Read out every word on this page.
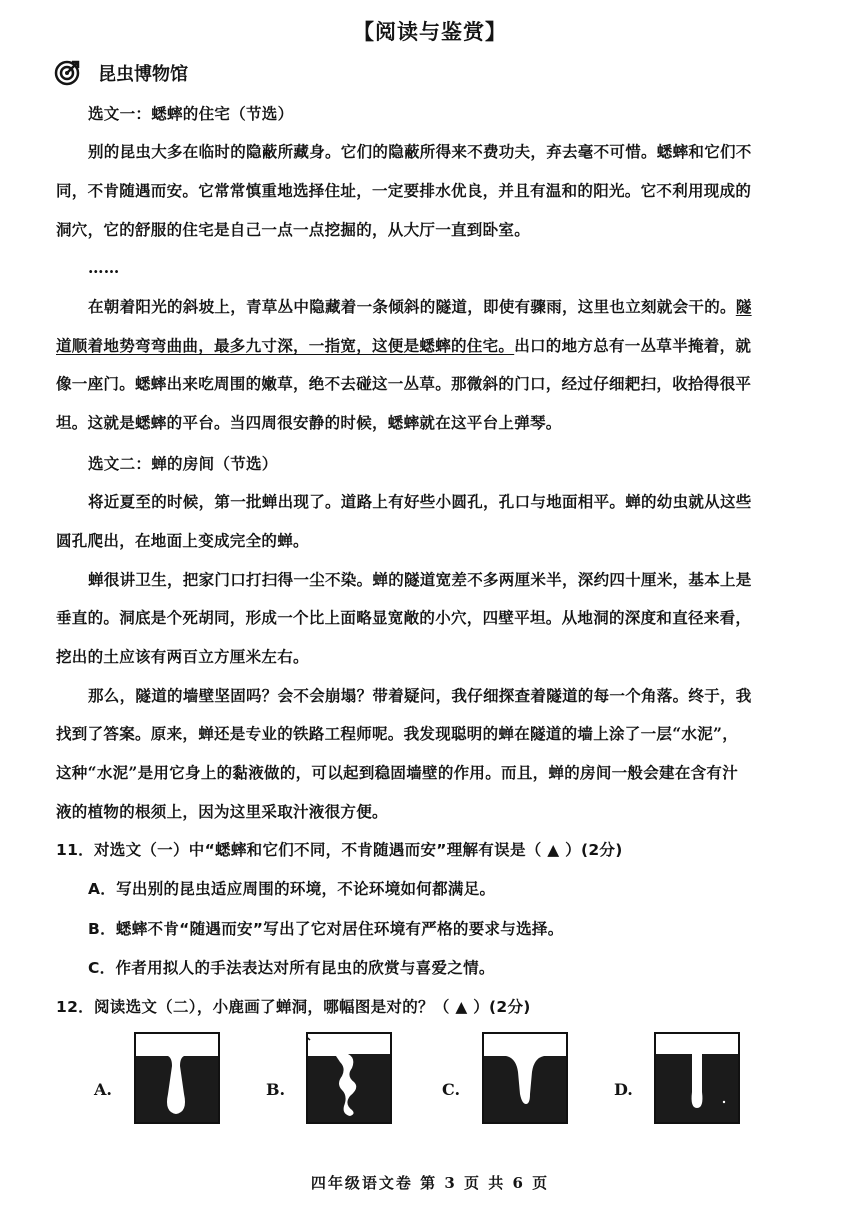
【阅读与鉴赏】
昆虫博物馆
选文一：蟋蟀的住宅（节选）
别的昆虫大多在临时的隐蔽所藏身。它们的隐蔽所得来不费功夫，弃去毫不可惜。蟋蟀和它们不
同，不肯随遇而安。它常常慎重地选择住址，一定要排水优良，并且有温和的阳光。它不利用现成的
洞穴，它的舒服的住宅是自己一点一点挖掘的，从大厅一直到卧室。
……
在朝着阳光的斜坡上，青草丛中隐藏着一条倾斜的隧道，即使有骤雨，这里也立刻就会干的。隧
道顺着地势弯弯曲曲，最多九寸深，一指宽，这便是蟋蟀的住宅。出口的地方总有一丛草半掩着，就
像一座门。蟋蟀出来吃周围的嫩草，绝不去碰这一丛草。那微斜的门口，经过仔细耙扫，收拾得很平
坦。这就是蟋蟀的平台。当四周很安静的时候，蟋蟀就在这平台上弹琴。
选文二：蝉的房间（节选）
将近夏至的时候，第一批蝉出现了。道路上有好些小圆孔，孔口与地面相平。蝉的幼虫就从这些
圆孔爬出，在地面上变成完全的蝉。
蝉很讲卫生，把家门口打扫得一尘不染。蝉的隧道宽差不多两厘米半，深约四十厘米，基本上是
垂直的。洞底是个死胡同，形成一个比上面略显宽敞的小穴，四壁平坦。从地洞的深度和直径来看，
挖出的土应该有两百立方厘米左右。
那么，隧道的墙壁坚固吗？会不会崩塌？带着疑问，我仔细探查着隧道的每一个角落。终于，我
找到了答案。原来，蝉还是专业的铁路工程师呢。我发现聪明的蝉在隧道的墙上涂了一层“水泥”，
这种“水泥”是用它身上的黏液做的，可以起到稳固墙壁的作用。而且，蝉的房间一般会建在含有汁
液的植物的根须上，因为这里采取汁液很方便。
11．对选文（一）中“蟋蟀和它们不同，不肯随遇而安”理解有误是（ ▲ ）(2分)
A．写出别的昆虫适应周围的环境，不论环境如何都满足。
B．蟋蟀不肯“随遇而安”写出了它对居住环境有严格的要求与选择。
C．作者用拟人的手法表达对所有昆虫的欣赏与喜爱之情。
12．阅读选文（二），小鹿画了蝉洞，哪幅图是对的？（ ▲ ）(2分)
A.	B.	C.	D.
四年级语文卷 第 3 页 共 6 页
